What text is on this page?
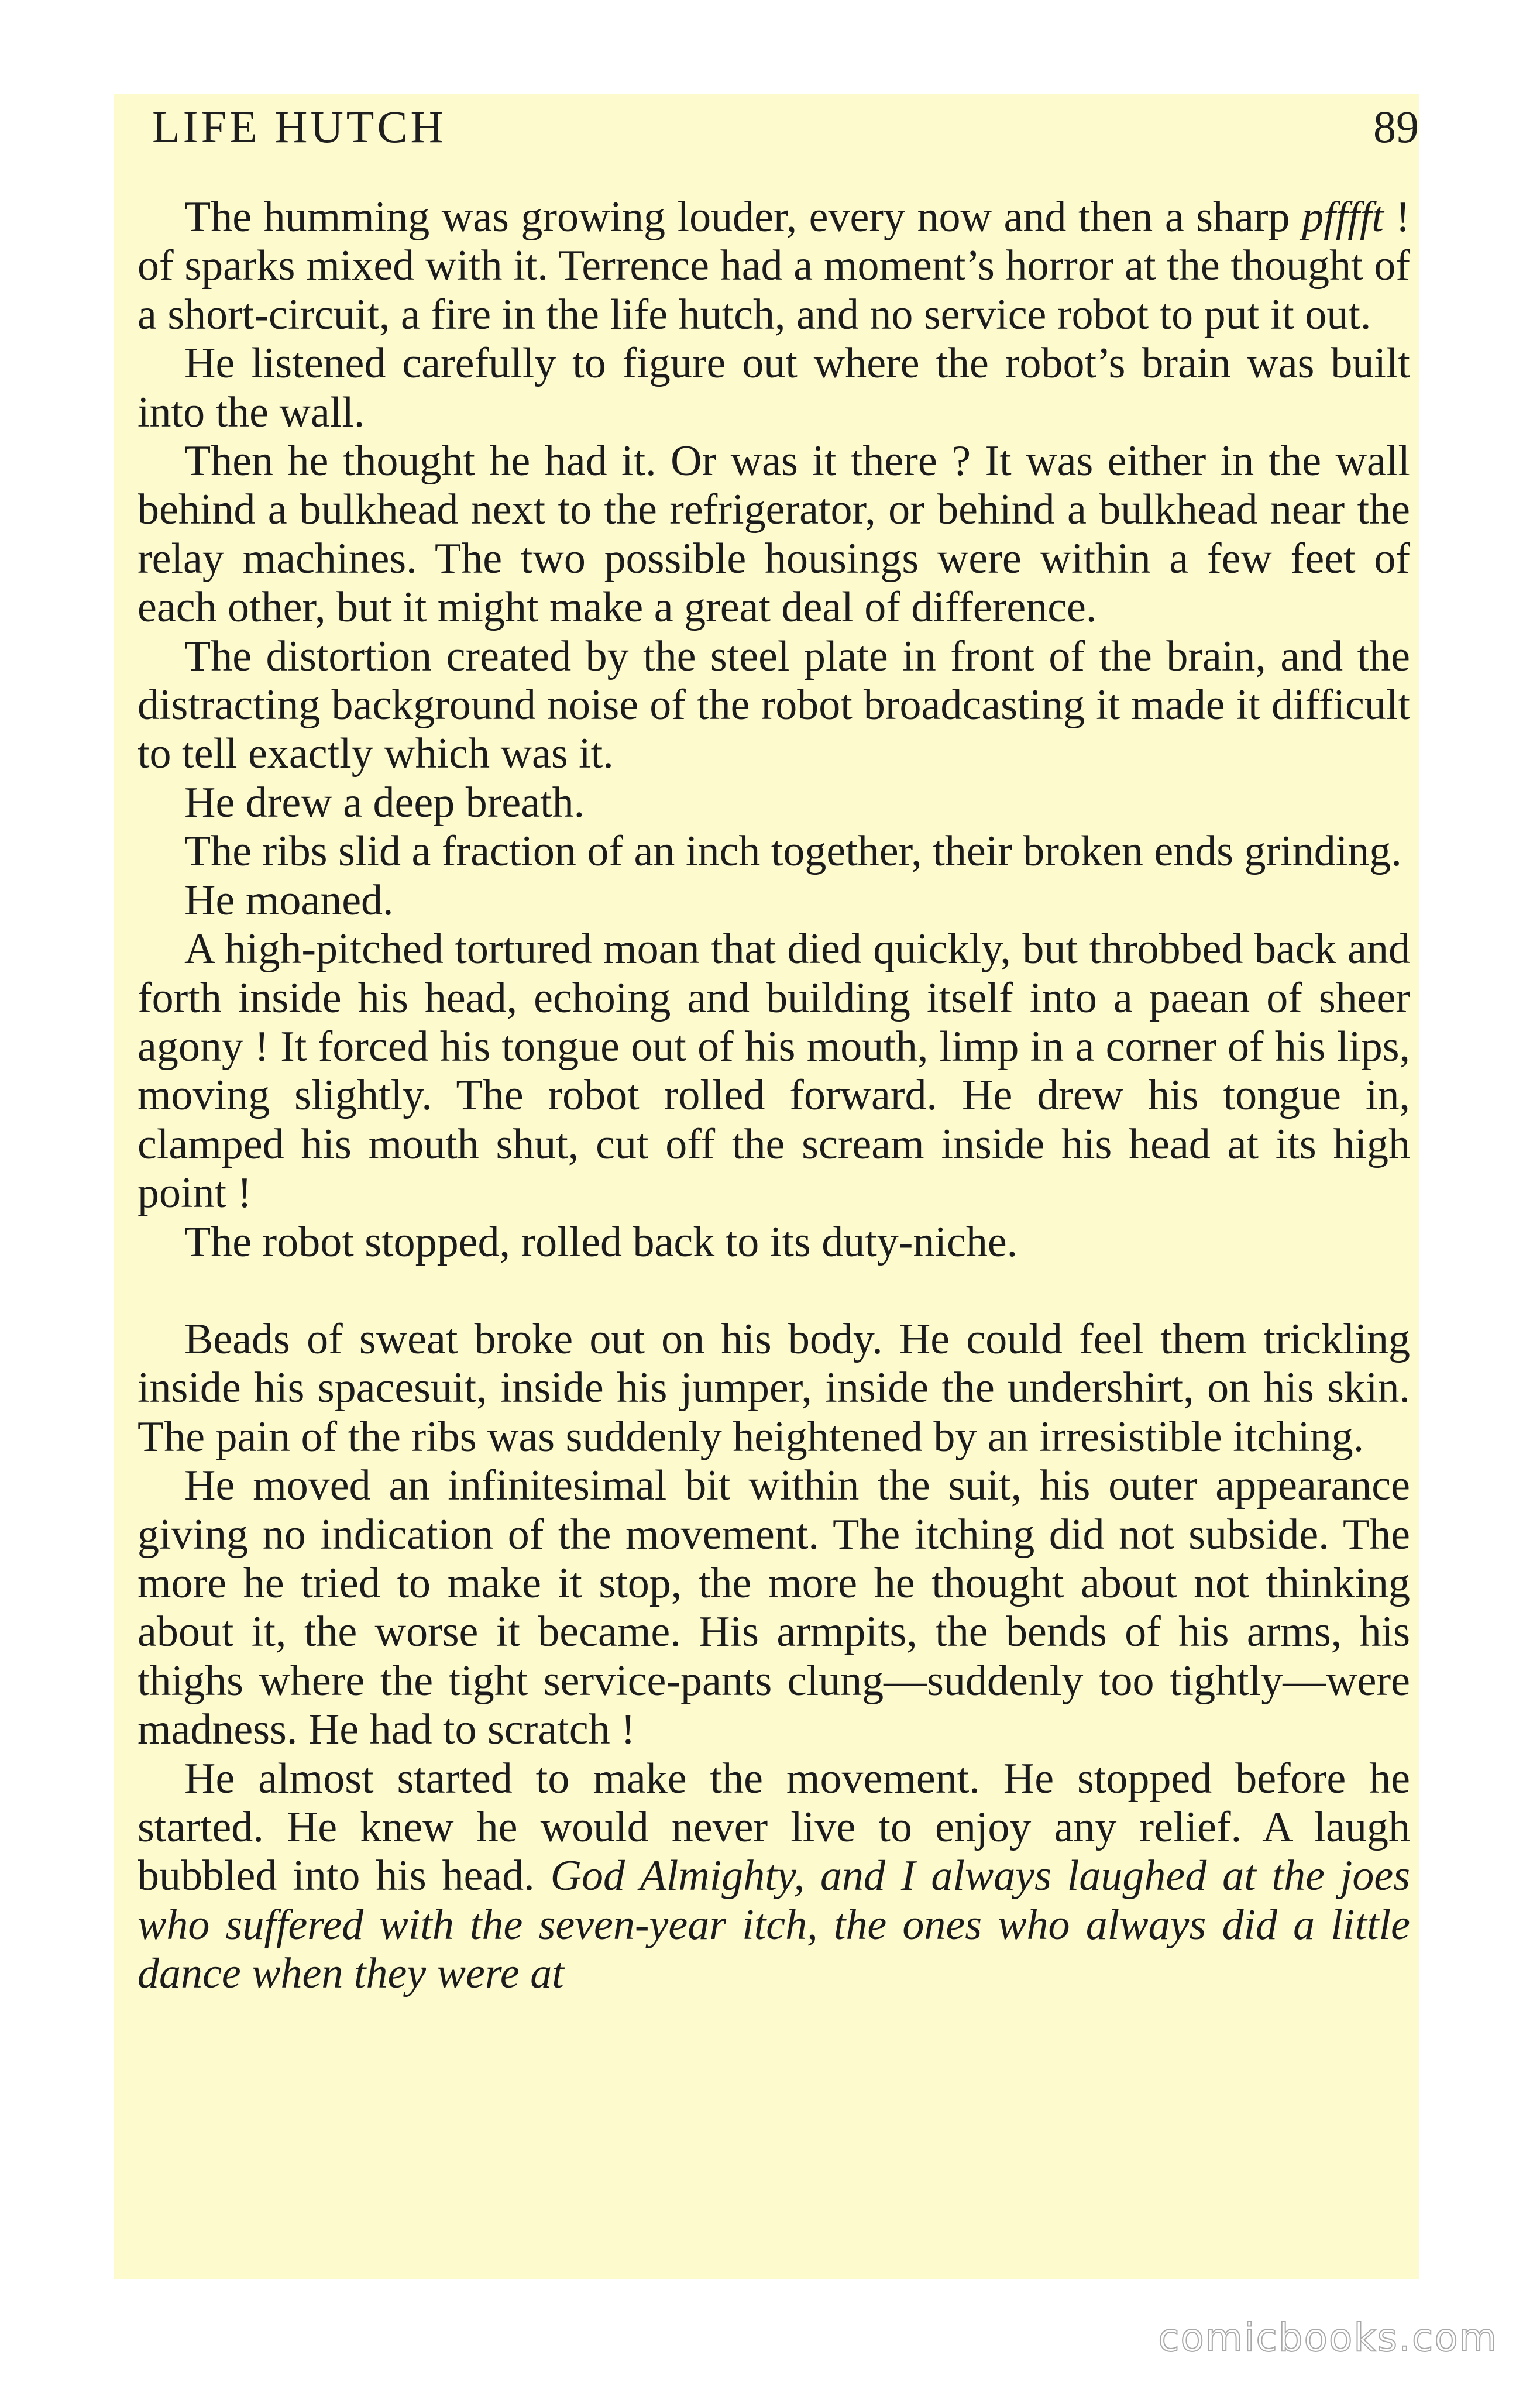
LIFE HUTCH	89

The humming was growing louder, every now and then a sharp pfffft ! of sparks mixed with it. Terrence had a moment’s horror at the thought of a short-circuit, a fire in the life hutch, and no service robot to put it out.

He listened carefully to figure out where the robot’s brain was built into the wall.

Then he thought he had it. Or was it there ? It was either in the wall behind a bulkhead next to the refrigerator, or behind a bulkhead near the relay machines. The two possible housings were within a few feet of each other, but it might make a great deal of difference.

The distortion created by the steel plate in front of the brain, and the distracting background noise of the robot broadcasting it made it difficult to tell exactly which was it.

He drew a deep breath.

The ribs slid a fraction of an inch together, their broken ends grinding.

He moaned.

A high-pitched tortured moan that died quickly, but throbbed back and forth inside his head, echoing and building itself into a paean of sheer agony ! It forced his tongue out of his mouth, limp in a corner of his lips, moving slightly. The robot rolled forward. He drew his tongue in, clamped his mouth shut, cut off the scream inside his head at its high point !

The robot stopped, rolled back to its duty-niche.

Beads of sweat broke out on his body. He could feel them trickling inside his spacesuit, inside his jumper, inside the undershirt, on his skin. The pain of the ribs was suddenly heightened by an irresistible itching.

He moved an infinitesimal bit within the suit, his outer appearance giving no indication of the movement. The itching did not subside. The more he tried to make it stop, the more he thought about not thinking about it, the worse it became. His armpits, the bends of his arms, his thighs where the tight service-pants clung—suddenly too tightly—were madness. He had to scratch !

He almost started to make the movement. He stopped before he started. He knew he would never live to enjoy any relief. A laugh bubbled into his head. God Almighty, and I always laughed at the joes who suffered with the seven-year itch, the ones who always did a little dance when they were at

comicbooks.com
